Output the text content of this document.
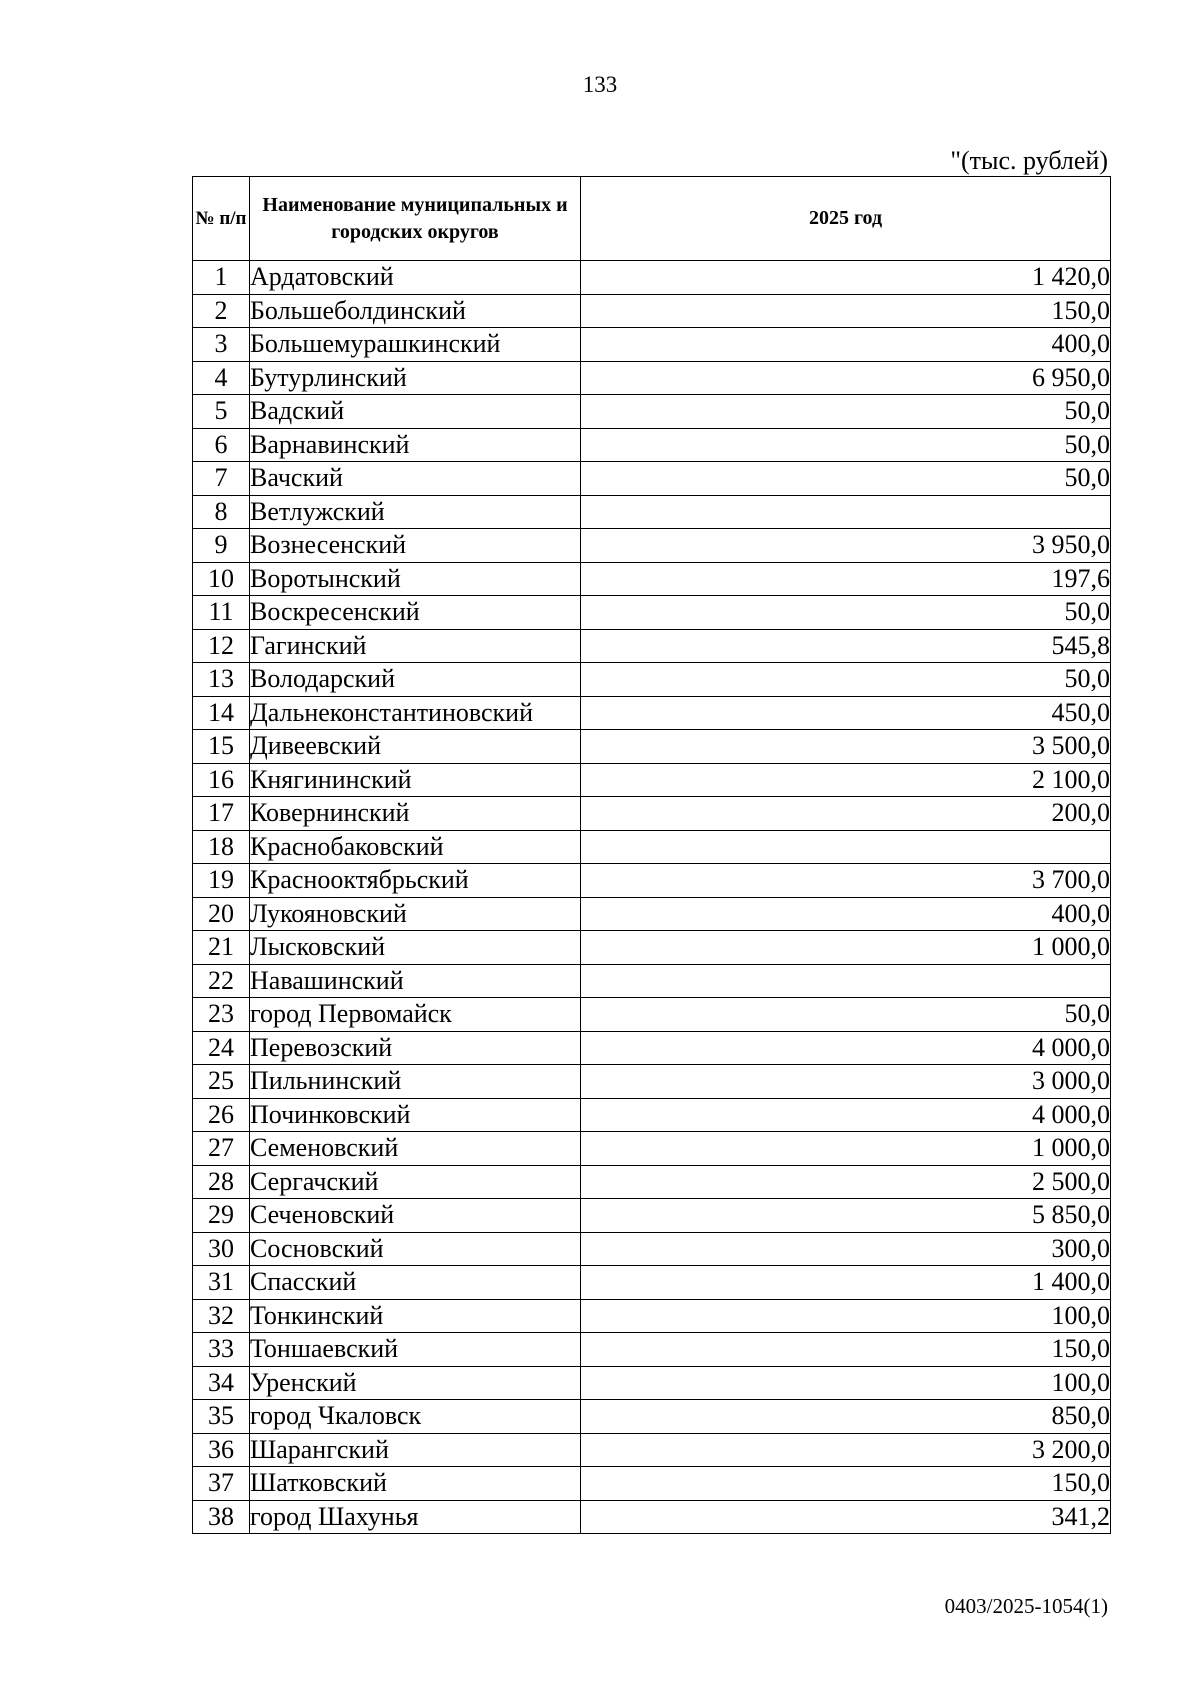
133
"(тыс. рублей)
№ п/п	Наименование муниципальных и городских округов	2025 год
1	Ардатовский	1 420,0
2	Большеболдинский	150,0
3	Большемурашкинский	400,0
4	Бутурлинский	6 950,0
5	Вадский	50,0
6	Варнавинский	50,0
7	Вачский	50,0
8	Ветлужский	
9	Вознесенский	3 950,0
10	Воротынский	197,6
11	Воскресенский	50,0
12	Гагинский	545,8
13	Володарский	50,0
14	Дальнеконстантиновский	450,0
15	Дивеевский	3 500,0
16	Княгининский	2 100,0
17	Ковернинский	200,0
18	Краснобаковский	
19	Краснооктябрьский	3 700,0
20	Лукояновский	400,0
21	Лысковский	1 000,0
22	Навашинский	
23	город Первомайск	50,0
24	Перевозский	4 000,0
25	Пильнинский	3 000,0
26	Починковский	4 000,0
27	Семеновский	1 000,0
28	Сергачский	2 500,0
29	Сеченовский	5 850,0
30	Сосновский	300,0
31	Спасский	1 400,0
32	Тонкинский	100,0
33	Тоншаевский	150,0
34	Уренский	100,0
35	город Чкаловск	850,0
36	Шарангский	3 200,0
37	Шатковский	150,0
38	город Шахунья	341,2
0403/2025-1054(1)
